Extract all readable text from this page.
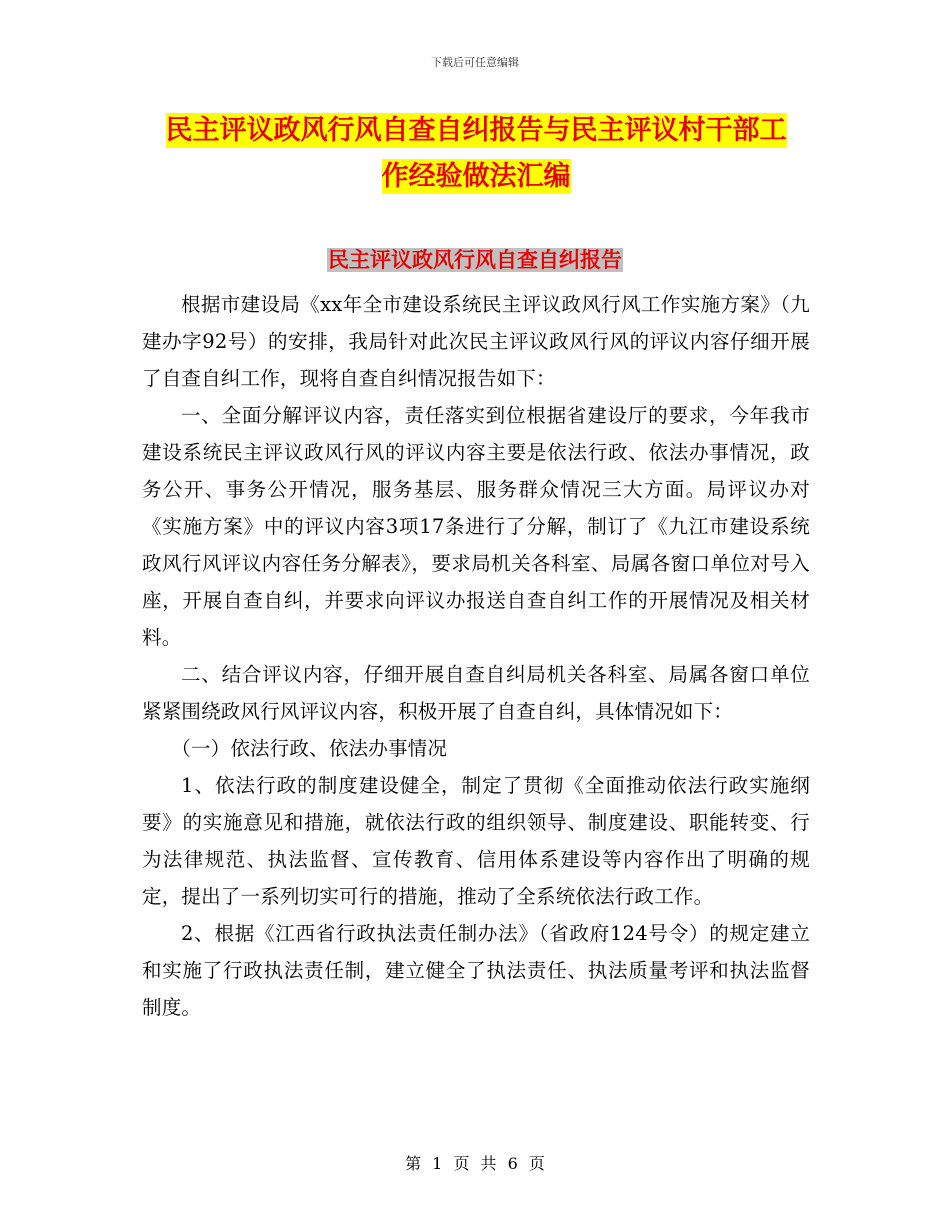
下载后可任意编辑
民主评议政风行风自查自纠报告与民主评议村干部工
作经验做法汇编
民主评议政风行风自查自纠报告

根据市建设局《xx年全市建设系统民主评议政风行风工作实施方案》（九建办字92号）的安排，我局针对此次民主评议政风行风的评议内容仔细开展了自查自纠工作，现将自查自纠情况报告如下：

一、全面分解评议内容，责任落实到位根据省建设厅的要求，今年我市建设系统民主评议政风行风的评议内容主要是依法行政、依法办事情况，政务公开、事务公开情况，服务基层、服务群众情况三大方面。局评议办对《实施方案》中的评议内容3项17条进行了分解，制订了《九江市建设系统政风行风评议内容任务分解表》，要求局机关各科室、局属各窗口单位对号入座，开展自查自纠，并要求向评议办报送自查自纠工作的开展情况及相关材料。

二、结合评议内容，仔细开展自查自纠局机关各科室、局属各窗口单位紧紧围绕政风行风评议内容，积极开展了自查自纠，具体情况如下：

（一）依法行政、依法办事情况

1、依法行政的制度建设健全，制定了贯彻《全面推动依法行政实施纲要》的实施意见和措施，就依法行政的组织领导、制度建设、职能转变、行为法律规范、执法监督、宣传教育、信用体系建设等内容作出了明确的规定，提出了一系列切实可行的措施，推动了全系统依法行政工作。

2、根据《江西省行政执法责任制办法》（省政府124号令）的规定建立和实施了行政执法责任制，建立健全了执法责任、执法质量考评和执法监督制度。

第 1 页 共 6 页
